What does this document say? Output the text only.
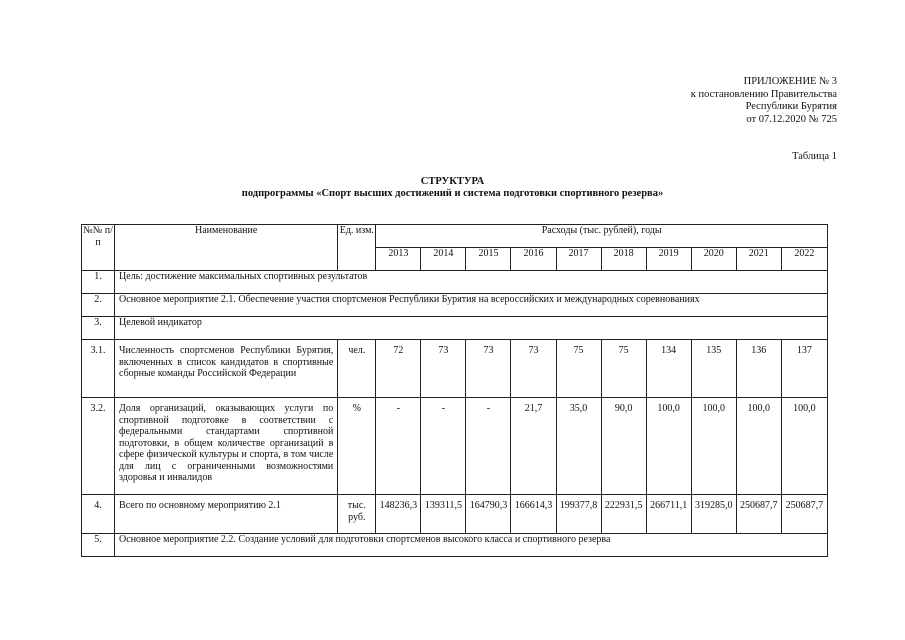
ПРИЛОЖЕНИЕ № 3
к постановлению Правительства
Республики Бурятия
от 07.12.2020 № 725
Таблица 1
СТРУКТУРА
подпрограммы «Спорт высших достижений и система подготовки спортивного резерва»
№№ п/п	Наименование	Ед. изм.	Расходы (тыс. рублей), годы									
			2013	2014	2015	2016	2017	2018	2019	2020	2021	2022
1.	Цель: достижение максимальных спортивных результатов											
2.	Основное мероприятие 2.1. Обеспечение участия спортсменов Республики Бурятия на всероссийских и международных соревнованиях											
3.	Целевой индикатор											
3.1.	Численность спортсменов Республики Бурятия, включенных в список кандидатов в спортивные сборные команды Российской Федерации	чел.	72	73	73	73	75	75	134	135	136	137
3.2.	Доля организаций, оказывающих услуги по спортивной подготовке в соответствии с федеральными стандартами спортивной подготовки, в общем количестве организаций в сфере физической культуры и спорта, в том числе для лиц с ограниченными возможностями здоровья и инвалидов	%	-	-	-	21,7	35,0	90,0	100,0	100,0	100,0	100,0
4.	Всего по основному мероприятию 2.1	тыс. руб.	148236,3	139311,5	164790,3	166614,3	199377,8	222931,5	266711,1	319285,0	250687,7	250687,7
5.	Основное мероприятие 2.2. Создание условий для подготовки спортсменов высокого класса и спортивного резерва											
